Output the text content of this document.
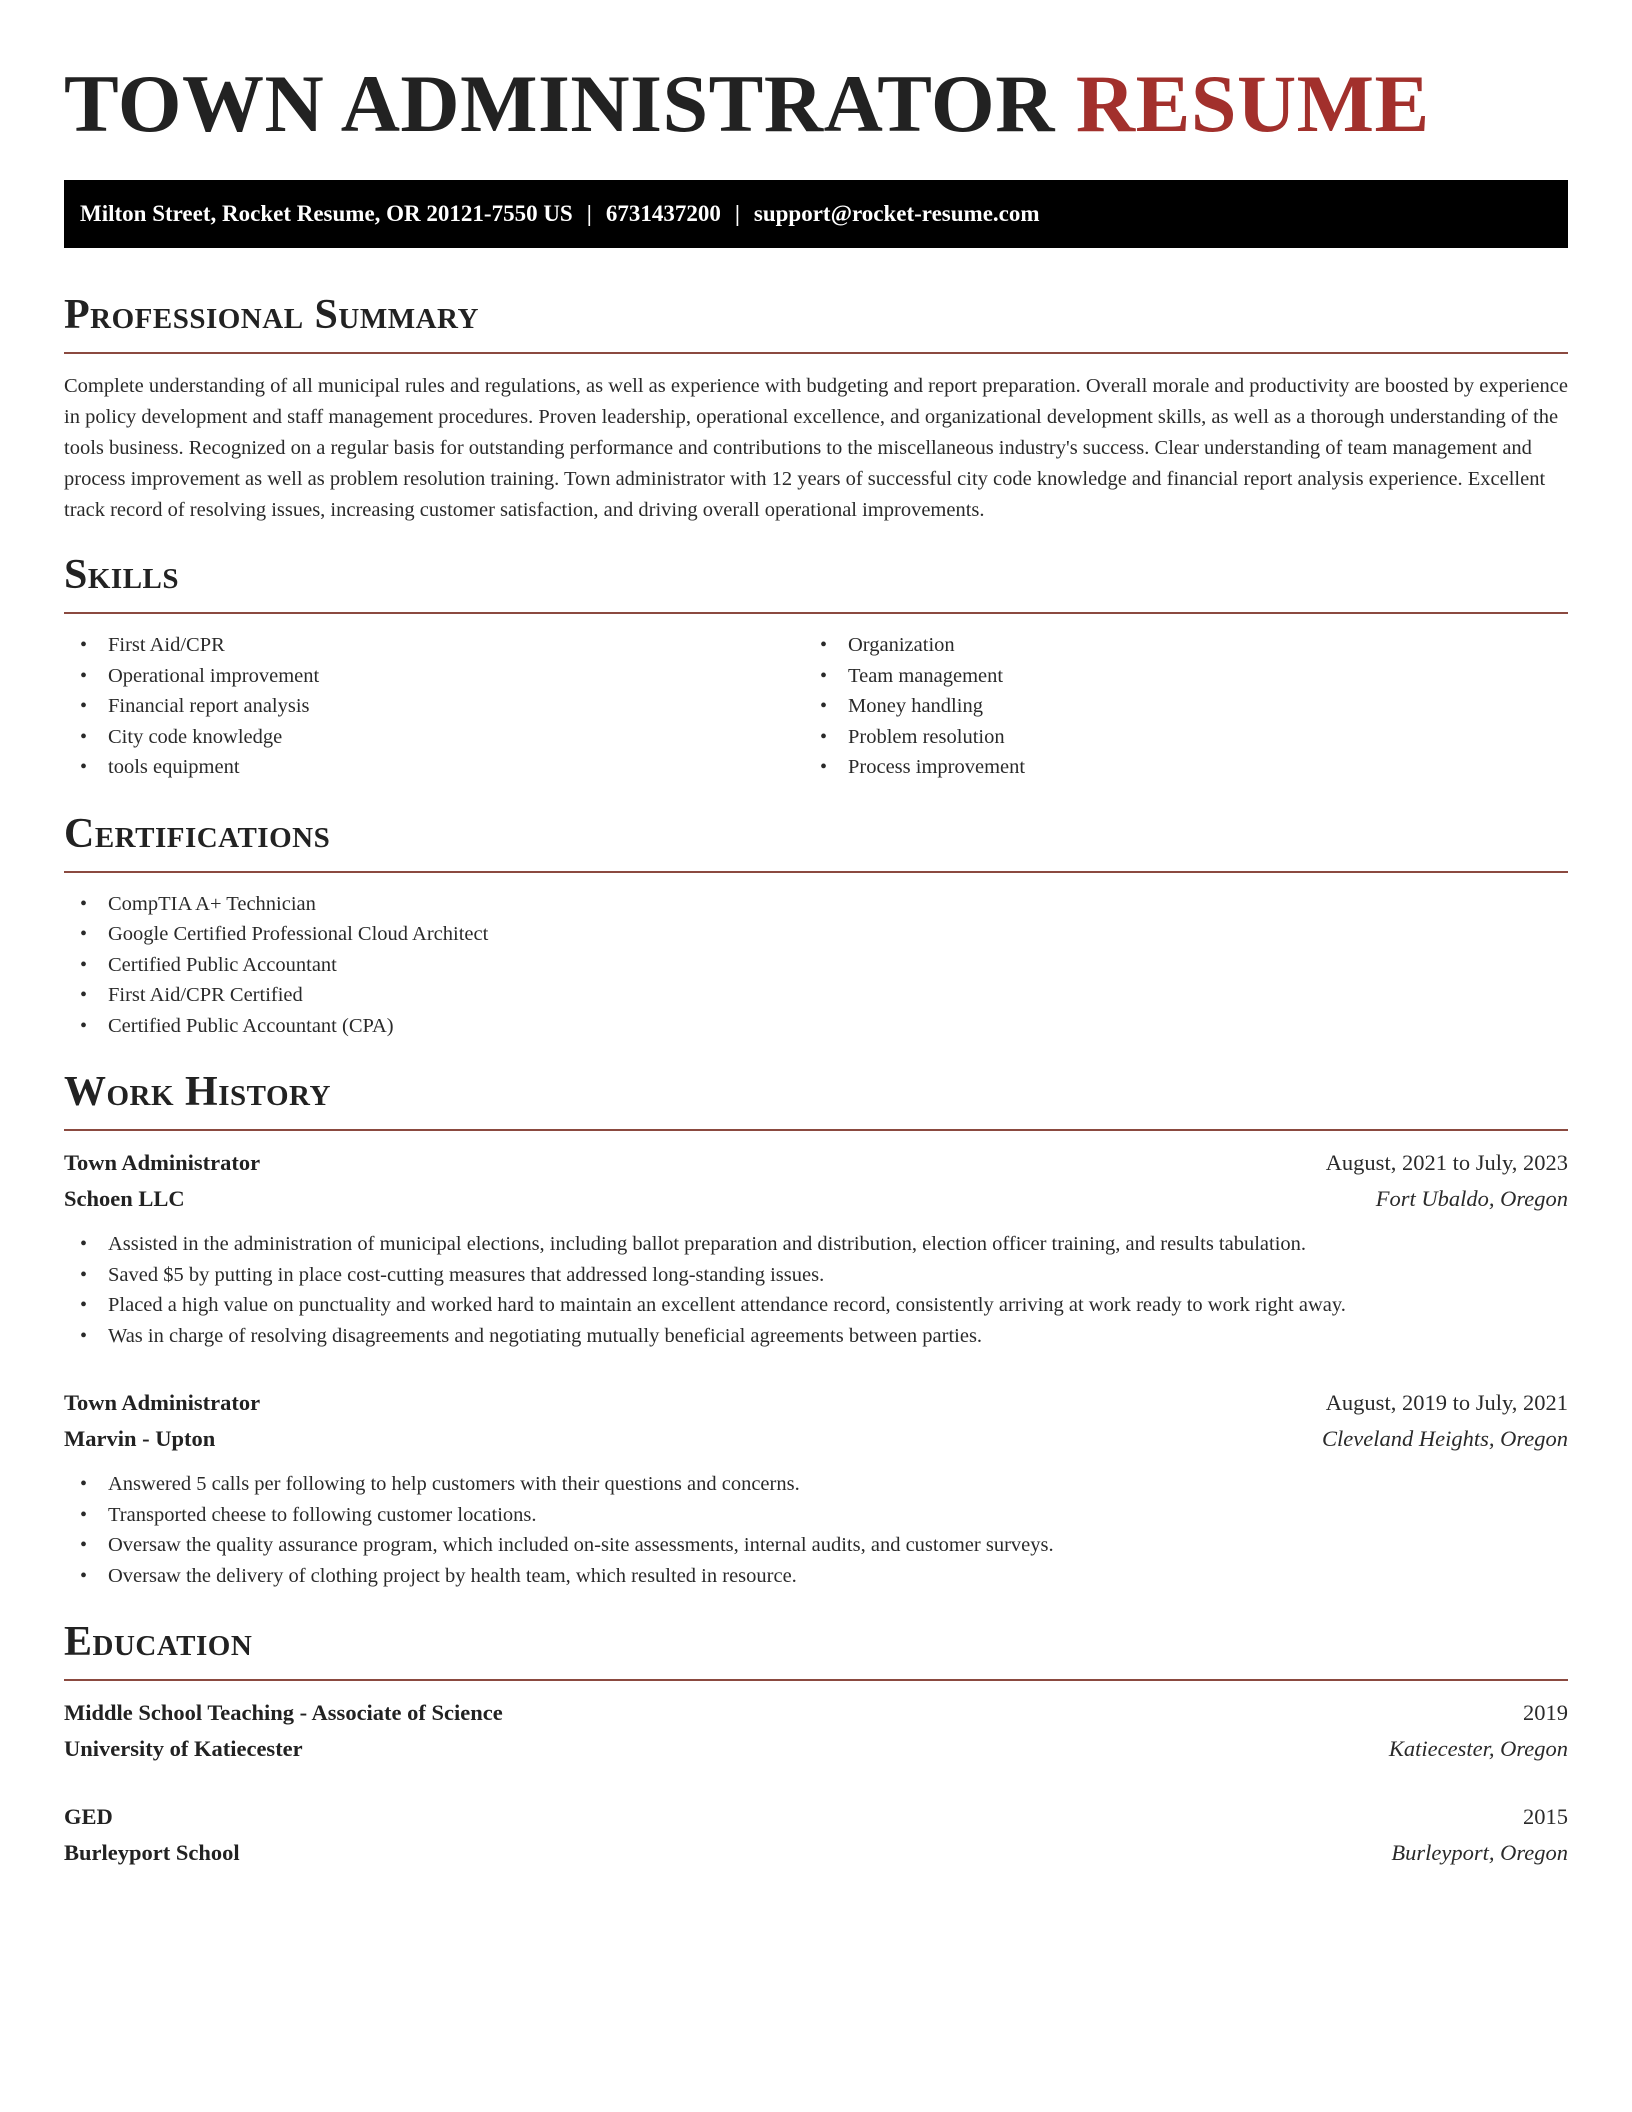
TOWN ADMINISTRATOR RESUME
Milton Street, Rocket Resume, OR 20121-7550 US | 6731437200 | support@rocket-resume.com
Professional Summary

Complete understanding of all municipal rules and regulations, as well as experience with budgeting and report preparation. Overall morale and productivity are boosted by experience in policy development and staff management procedures. Proven leadership, operational excellence, and organizational development skills, as well as a thorough understanding of the tools business. Recognized on a regular basis for outstanding performance and contributions to the miscellaneous industry's success. Clear understanding of team management and process improvement as well as problem resolution training. Town administrator with 12 years of successful city code knowledge and financial report analysis experience. Excellent track record of resolving issues, increasing customer satisfaction, and driving overall operational improvements.

Skills
• First Aid/CPR
• Operational improvement
• Financial report analysis
• City code knowledge
• tools equipment
• Organization
• Team management
• Money handling
• Problem resolution
• Process improvement
Certifications
• CompTIA A+ Technician
• Google Certified Professional Cloud Architect
• Certified Public Accountant
• First Aid/CPR Certified
• Certified Public Accountant (CPA)
Work History
Town Administrator	August, 2021 to July, 2023
Schoen LLC	Fort Ubaldo, Oregon
• Assisted in the administration of municipal elections, including ballot preparation and distribution, election officer training, and results tabulation.
• Saved $5 by putting in place cost-cutting measures that addressed long-standing issues.
• Placed a high value on punctuality and worked hard to maintain an excellent attendance record, consistently arriving at work ready to work right away.
• Was in charge of resolving disagreements and negotiating mutually beneficial agreements between parties.
Town Administrator	August, 2019 to July, 2021
Marvin - Upton	Cleveland Heights, Oregon
• Answered 5 calls per following to help customers with their questions and concerns.
• Transported cheese to following customer locations.
• Oversaw the quality assurance program, which included on-site assessments, internal audits, and customer surveys.
• Oversaw the delivery of clothing project by health team, which resulted in resource.
Education
Middle School Teaching - Associate of Science	2019
University of Katiecester	Katiecester, Oregon
GED	2015
Burleyport School	Burleyport, Oregon
